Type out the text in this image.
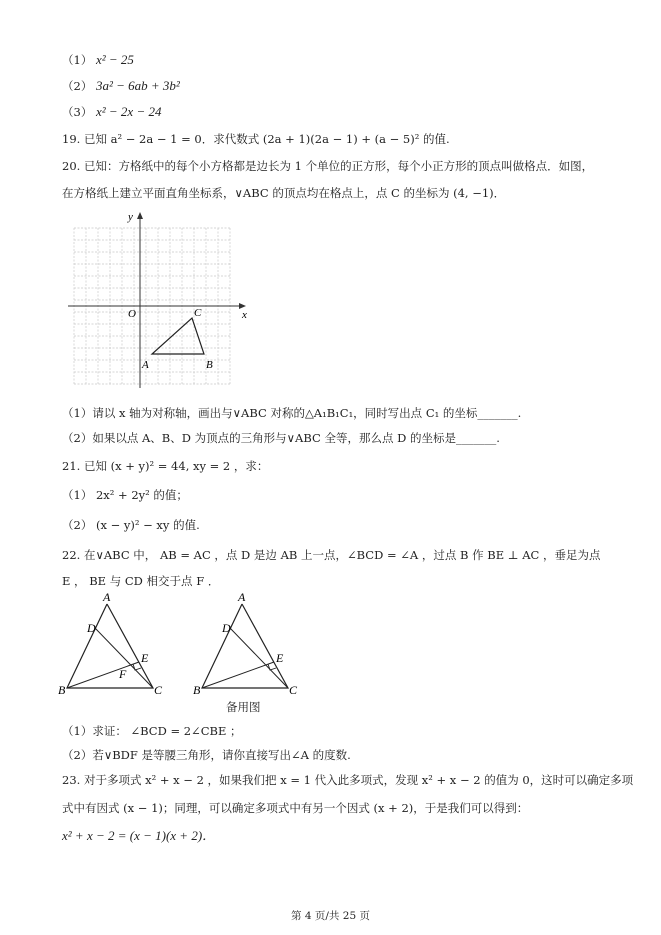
（1） x² − 25
（2） 3a² − 6ab + 3b²
（3） x² − 2x − 24
19. 已知 a² − 2a − 1 = 0．求代数式 (2a + 1)(2a − 1) + (a − 5)² 的值.
20. 已知：方格纸中的每个小方格都是边长为 1 个单位的正方形，每个小正方形的顶点叫做格点．如图，
在方格纸上建立平面直角坐标系，∨ABC 的顶点均在格点上，点 C 的坐标为 (4, −1)．
y
x
O
A	B
C
（1）请以 x 轴为对称轴，画出与∨ABC 对称的△A₁B₁C₁，同时写出点 C₁ 的坐标_______.
（2）如果以点 A、B、D 为顶点的三角形与∨ABC 全等，那么点 D 的坐标是_______.
21. 已知 (x + y)² = 44, xy = 2 ，求：
（1） 2x² + 2y² 的值；
（2） (x − y)² − xy 的值.
22. 在∨ABC 中， AB = AC ，点 D 是边 AB 上一点，∠BCD = ∠A ，过点 B 作 BE ⊥ AC ，垂足为点
E ， BE 与 CD 相交于点 F ．
A
D
E
F
B	C
A
D
E
B	C
备用图
（1）求证： ∠BCD = 2∠CBE ；
（2）若∨BDF 是等腰三角形，请你直接写出∠A 的度数.
23. 对于多项式 x² + x − 2 ，如果我们把 x = 1 代入此多项式，发现 x² + x − 2 的值为 0，这时可以确定多项
式中有因式 (x − 1)；同理，可以确定多项式中有另一个因式 (x + 2)，于是我们可以得到：
x² + x − 2 = (x − 1)(x + 2)．
第 4 页/共 25 页
